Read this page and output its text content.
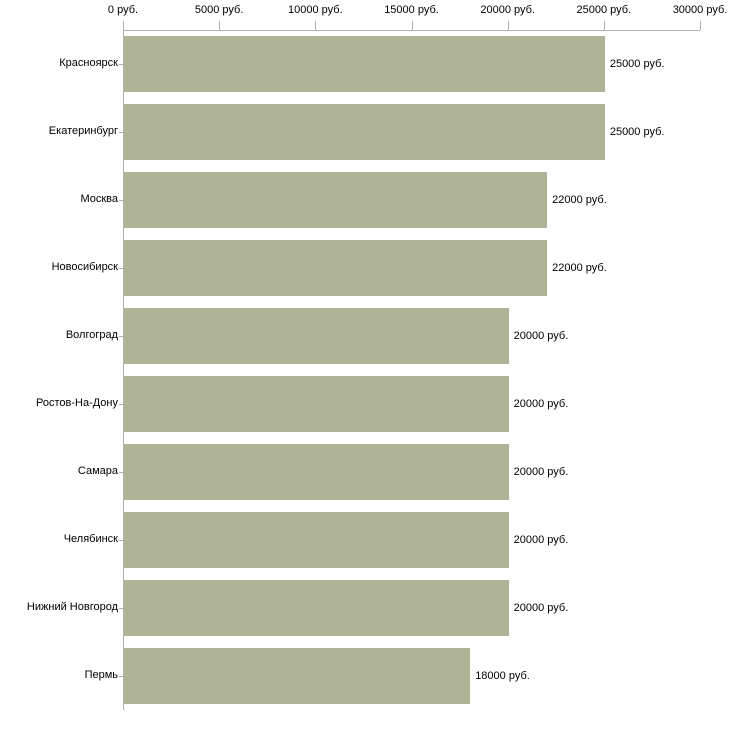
0 руб.	5000 руб.	10000 руб.	15000 руб.	20000 руб.	25000 руб.	30000 руб.
25000 руб.
25000 руб.
22000 руб.
22000 руб.
20000 руб.
20000 руб.
20000 руб.
20000 руб.
20000 руб.
18000 руб.
Красноярск
Екатеринбург
Москва
Новосибирск
Волгоград
Ростов-На-Дону
Самара
Челябинск
Нижний Новгород
Пермь
